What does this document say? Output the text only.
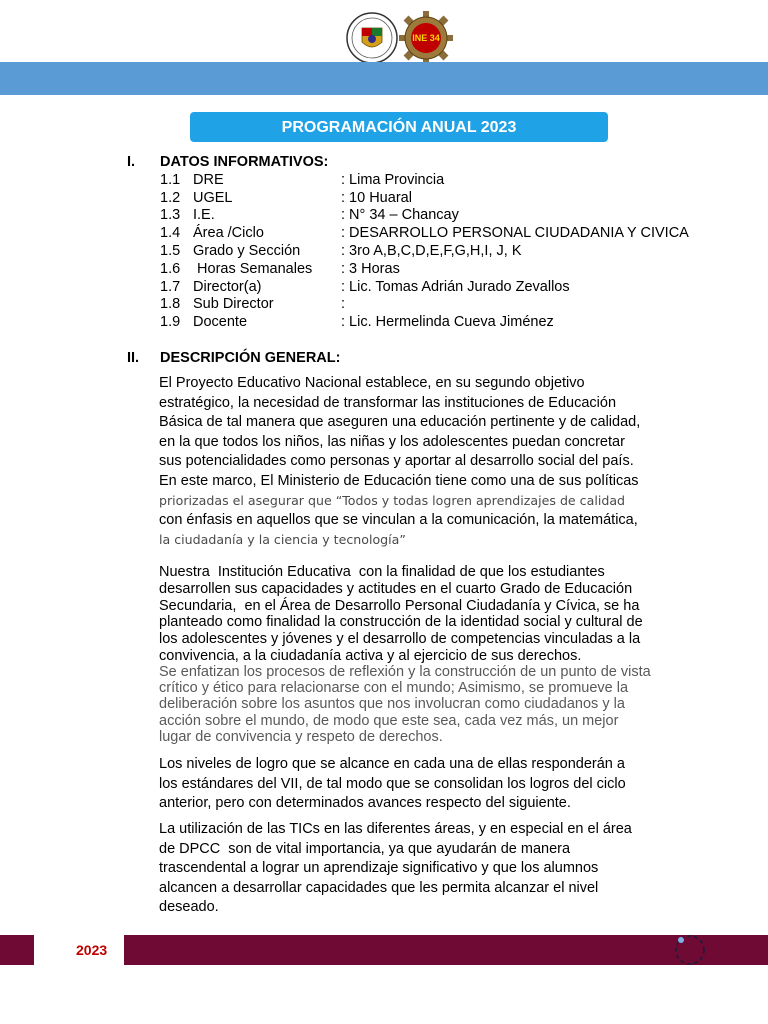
INE 34
PROGRAMACIÓN ANUAL 2023
I. DATOS INFORMATIVOS:
1.1 DRE	: Lima Provincia
1.2 UGEL	: 10 Huaral
1.3 I.E.	: N° 34 – Chancay
1.4 Área /Ciclo	: DESARROLLO PERSONAL CIUDADANIA Y CIVICA
1.5 Grado y Sección	: 3ro A,B,C,D,E,F,G,H,I, J, K
1.6 Horas Semanales : 3 Horas
1.7 Director(a)	: Lic. Tomas Adrián Jurado Zevallos
1.8 Sub Director	:
1.9 Docente	: Lic. Hermelinda Cueva Jiménez
II. DESCRIPCIÓN GENERAL:
El Proyecto Educativo Nacional establece, en su segundo objetivo
estratégico, la necesidad de transformar las instituciones de Educación
Básica de tal manera que aseguren una educación pertinente y de calidad,
en la que todos los niños, las niñas y los adolescentes puedan concretar
sus potencialidades como personas y aportar al desarrollo social del país.
En este marco, El Ministerio de Educación tiene como una de sus políticas
priorizadas el asegurar que “Todos y todas logren aprendizajes de calidad
con énfasis en aquellos que se vinculan a la comunicación, la matemática,
la ciudadanía y la ciencia y tecnología”
Nuestra  Institución Educativa  con la finalidad de que los estudiantes
desarrollen sus capacidades y actitudes en el cuarto Grado de Educación
Secundaria,  en el Área de Desarrollo Personal Ciudadanía y Cívica, se ha
planteado como finalidad la construcción de la identidad social y cultural de
los adolescentes y jóvenes y el desarrollo de competencias vinculadas a la
convivencia, a la ciudadanía activa y al ejercicio de sus derechos.
Se enfatizan los procesos de reflexión y la construcción de un punto de vista
crítico y ético para relacionarse con el mundo; Asimismo, se promueve la
deliberación sobre los asuntos que nos involucran como ciudadanos y la
acción sobre el mundo, de modo que este sea, cada vez más, un mejor
lugar de convivencia y respeto de derechos.
Los niveles de logro que se alcance en cada una de ellas responderán a
los estándares del VII, de tal modo que se consolidan los logros del ciclo
anterior, pero con determinados avances respecto del siguiente.
La utilización de las TICs en las diferentes áreas, y en especial en el área
de DPCC  son de vital importancia, ya que ayudarán de manera
trascendental a lograr un aprendizaje significativo y que los alumnos
alcancen a desarrollar capacidades que les permita alcanzar el nivel
deseado.
2023
